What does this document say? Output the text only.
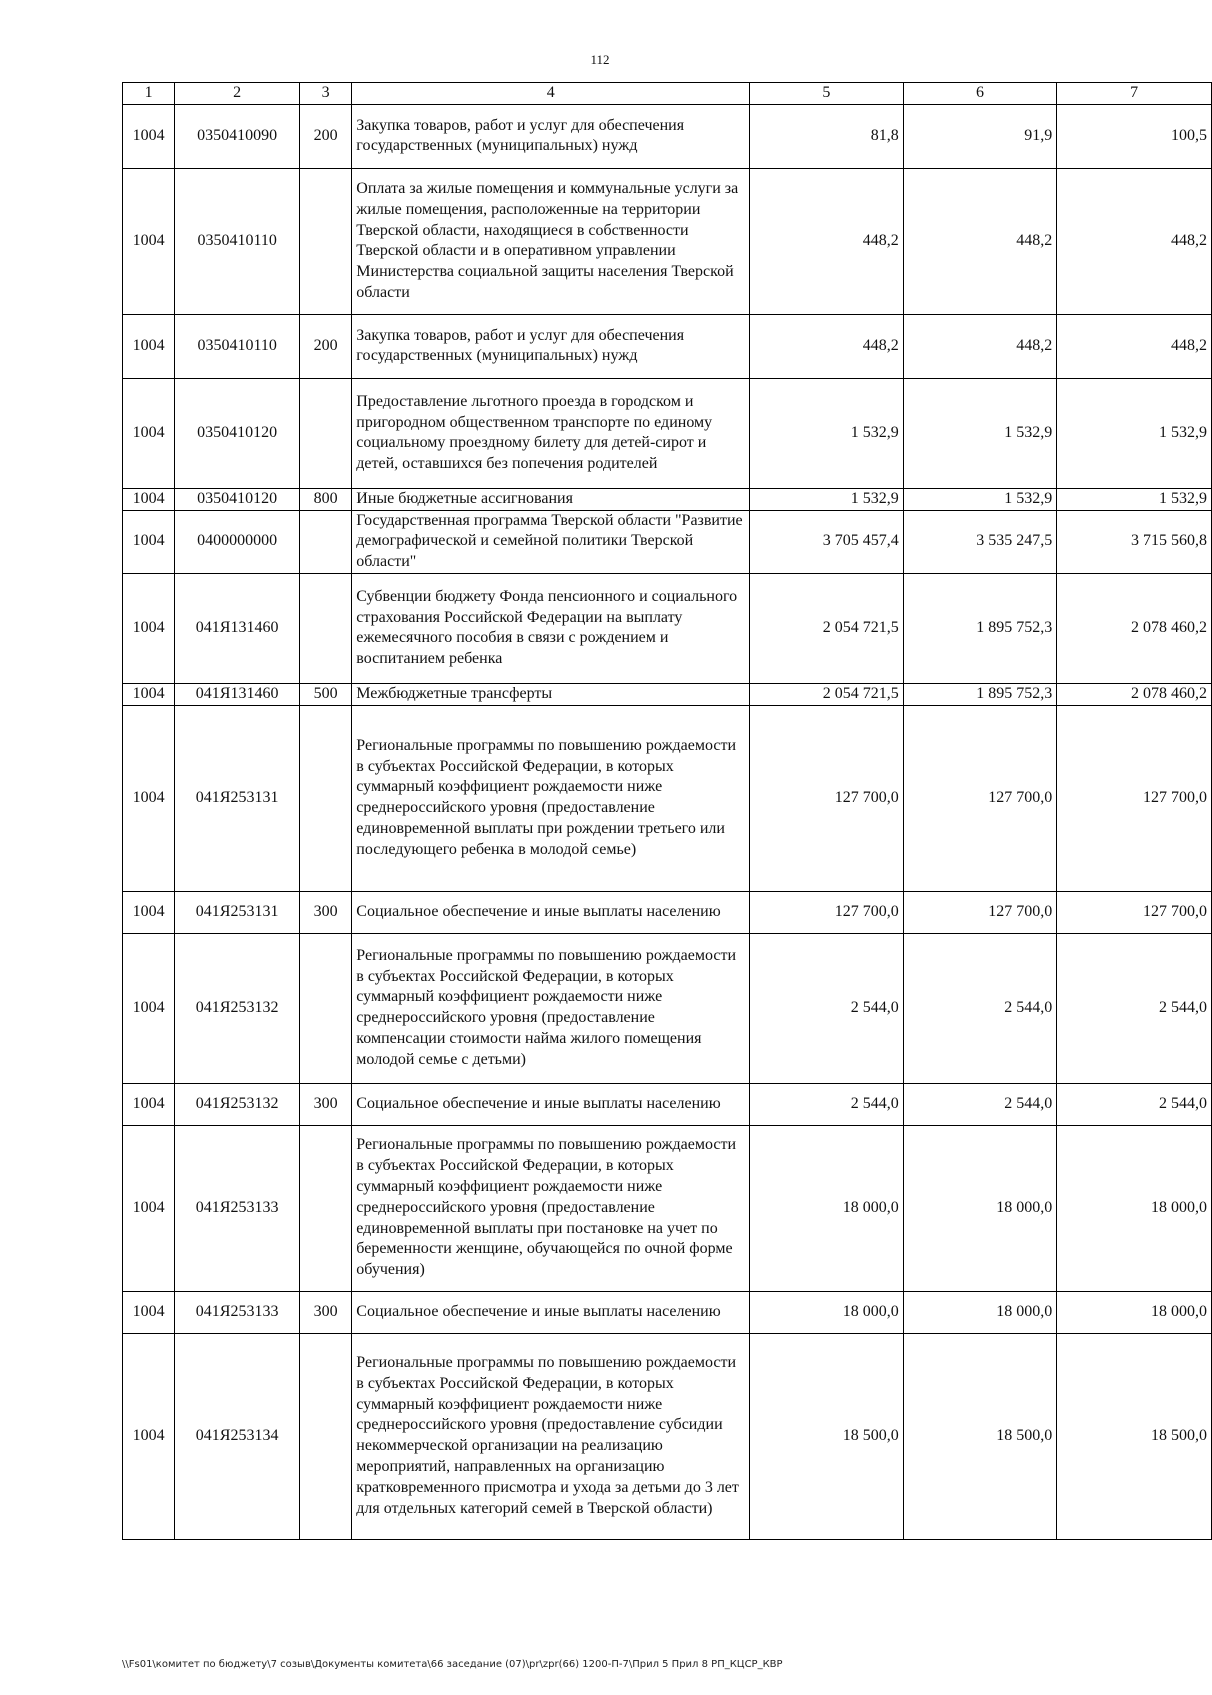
112
1	2	3	4	5	6	7
1004	0350410090	200	Закупка товаров, работ и услуг для обеспечения государственных (муниципальных) нужд	81,8	91,9	100,5
1004	0350410110		Оплата за жилые помещения и коммунальные услуги за жилые помещения, расположенные на территории Тверской области, находящиеся в собственности Тверской области и в оперативном управлении Министерства социальной защиты населения Тверской области	448,2	448,2	448,2
1004	0350410110	200	Закупка товаров, работ и услуг для обеспечения государственных (муниципальных) нужд	448,2	448,2	448,2
1004	0350410120		Предоставление льготного проезда в городском и пригородном общественном транспорте по единому социальному проездному билету для детей-сирот и детей, оставшихся без попечения родителей	1 532,9	1 532,9	1 532,9
1004	0350410120	800	Иные бюджетные ассигнования	1 532,9	1 532,9	1 532,9
1004	0400000000		Государственная программа Тверской области "Развитие демографической и семейной политики Тверской области"	3 705 457,4	3 535 247,5	3 715 560,8
1004	041Я131460		Субвенции бюджету Фонда пенсионного и социального страхования Российской Федерации на выплату ежемесячного пособия в связи с рождением и воспитанием ребенка	2 054 721,5	1 895 752,3	2 078 460,2
1004	041Я131460	500	Межбюджетные трансферты	2 054 721,5	1 895 752,3	2 078 460,2
1004	041Я253131		Региональные программы по повышению рождаемости в субъектах Российской Федерации, в которых суммарный коэффициент рождаемости ниже среднероссийского уровня (предоставление единовременной выплаты при рождении третьего или последующего ребенка в молодой семье)	127 700,0	127 700,0	127 700,0
1004	041Я253131	300	Социальное обеспечение и иные выплаты населению	127 700,0	127 700,0	127 700,0
1004	041Я253132		Региональные программы по повышению рождаемости в субъектах Российской Федерации, в которых суммарный коэффициент рождаемости ниже среднероссийского уровня (предоставление компенсации стоимости найма жилого помещения молодой семье с детьми)	2 544,0	2 544,0	2 544,0
1004	041Я253132	300	Социальное обеспечение и иные выплаты населению	2 544,0	2 544,0	2 544,0
1004	041Я253133		Региональные программы по повышению рождаемости в субъектах Российской Федерации, в которых суммарный коэффициент рождаемости ниже среднероссийского уровня (предоставление единовременной выплаты при постановке на учет по беременности женщине, обучающейся по очной форме обучения)	18 000,0	18 000,0	18 000,0
1004	041Я253133	300	Социальное обеспечение и иные выплаты населению	18 000,0	18 000,0	18 000,0
1004	041Я253134		Региональные программы по повышению рождаемости в субъектах Российской Федерации, в которых суммарный коэффициент рождаемости ниже среднероссийского уровня (предоставление субсидии некоммерческой организации на реализацию мероприятий, направленных на организацию кратковременного присмотра и ухода за детьми до 3 лет для отдельных категорий семей в Тверской области)	18 500,0	18 500,0	18 500,0
\\Fs01\комитет по бюджету\7 созыв\Документы комитета\66 заседание (07)\pr\zpr(66) 1200-П-7\Прил 5 Прил 8 РП_КЦСР_КВР
